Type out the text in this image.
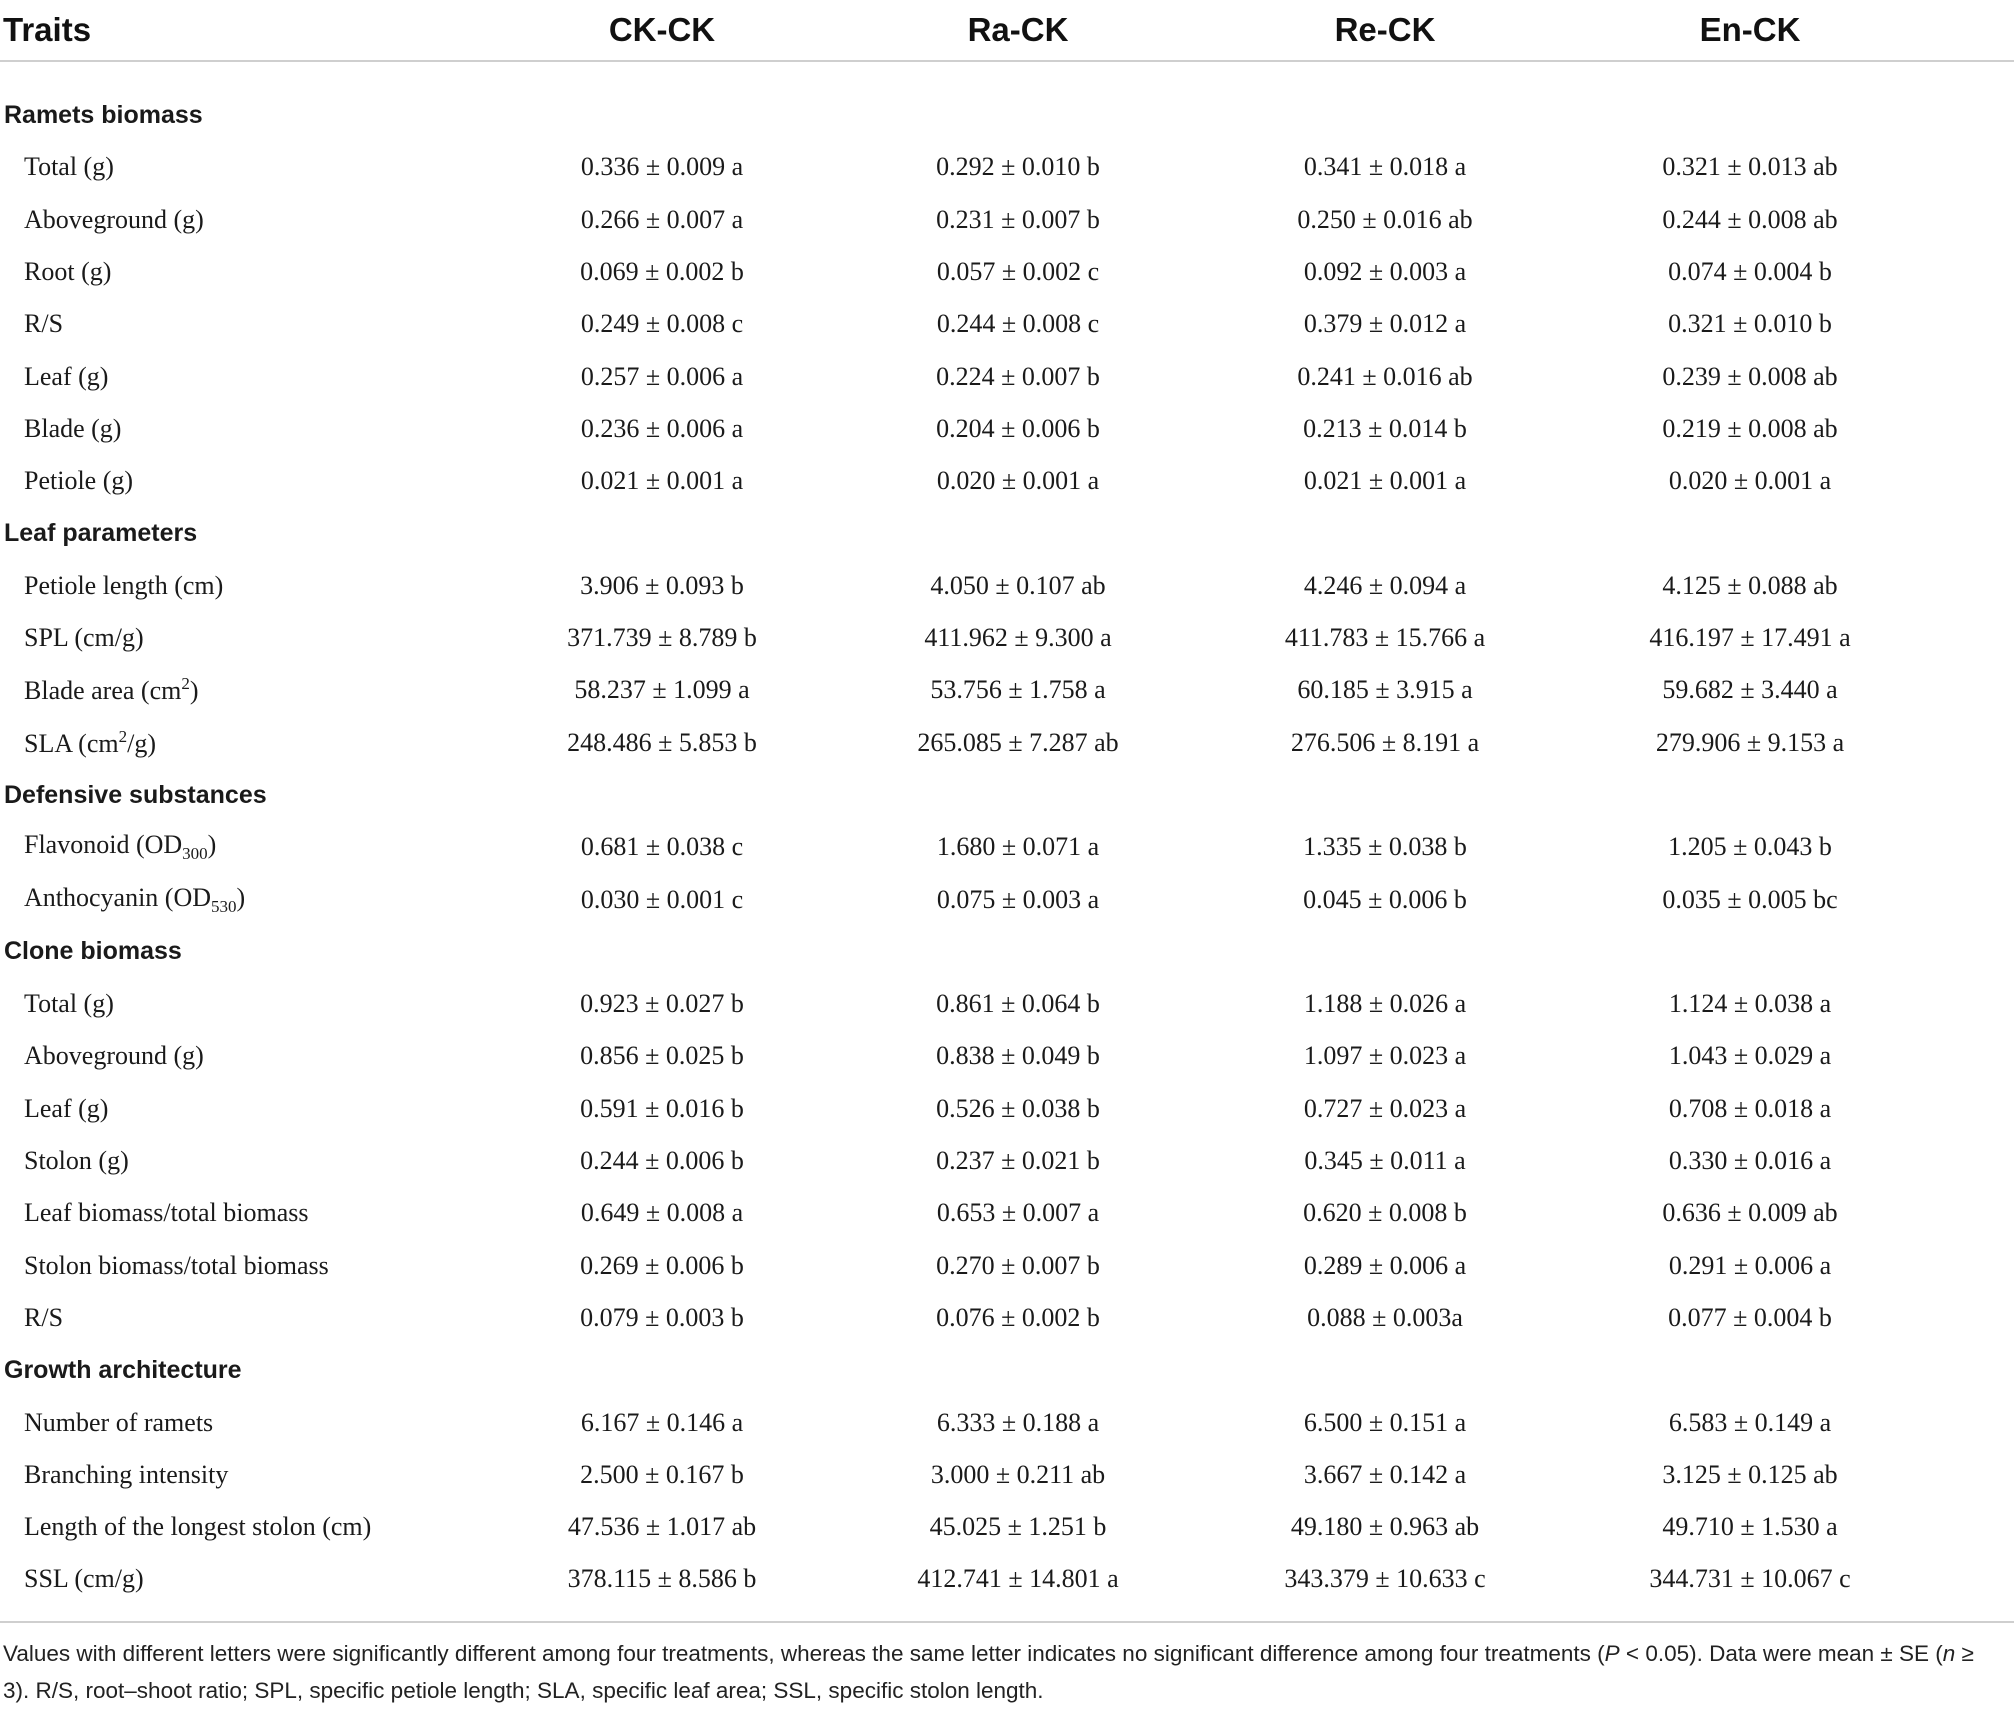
Traits	CK-CK	Ra-CK	Re-CK	En-CK
Ramets biomass
Total (g)	0.336 ± 0.009 a	0.292 ± 0.010 b	0.341 ± 0.018 a	0.321 ± 0.013 ab
Aboveground (g)	0.266 ± 0.007 a	0.231 ± 0.007 b	0.250 ± 0.016 ab	0.244 ± 0.008 ab
Root (g)	0.069 ± 0.002 b	0.057 ± 0.002 c	0.092 ± 0.003 a	0.074 ± 0.004 b
R/S	0.249 ± 0.008 c	0.244 ± 0.008 c	0.379 ± 0.012 a	0.321 ± 0.010 b
Leaf (g)	0.257 ± 0.006 a	0.224 ± 0.007 b	0.241 ± 0.016 ab	0.239 ± 0.008 ab
Blade (g)	0.236 ± 0.006 a	0.204 ± 0.006 b	0.213 ± 0.014 b	0.219 ± 0.008 ab
Petiole (g)	0.021 ± 0.001 a	0.020 ± 0.001 a	0.021 ± 0.001 a	0.020 ± 0.001 a
Leaf parameters
Petiole length (cm)	3.906 ± 0.093 b	4.050 ± 0.107 ab	4.246 ± 0.094 a	4.125 ± 0.088 ab
SPL (cm/g)	371.739 ± 8.789 b	411.962 ± 9.300 a	411.783 ± 15.766 a	416.197 ± 17.491 a
Blade area $(cm^2)$	58.237 ± 1.099 a	53.756 ± 1.758 a	60.185 ± 3.915 a	59.682 ± 3.440 a
SLA $(cm^2/g)$	248.486 ± 5.853 b	265.085 ± 7.287 ab	276.506 ± 8.191 a	279.906 ± 9.153 a
Defensive substances
Flavonoid $(OD_{300})$	0.681 ± 0.038 c	1.680 ± 0.071 a	1.335 ± 0.038 b	1.205 ± 0.043 b
Anthocyanin $(OD_{530})$	0.030 ± 0.001 c	0.075 ± 0.003 a	0.045 ± 0.006 b	0.035 ± 0.005 bc
Clone biomass
Total (g)	0.923 ± 0.027 b	0.861 ± 0.064 b	1.188 ± 0.026 a	1.124 ± 0.038 a
Aboveground (g)	0.856 ± 0.025 b	0.838 ± 0.049 b	1.097 ± 0.023 a	1.043 ± 0.029 a
Leaf (g)	0.591 ± 0.016 b	0.526 ± 0.038 b	0.727 ± 0.023 a	0.708 ± 0.018 a
Stolon (g)	0.244 ± 0.006 b	0.237 ± 0.021 b	0.345 ± 0.011 a	0.330 ± 0.016 a
Leaf biomass/total biomass	0.649 ± 0.008 a	0.653 ± 0.007 a	0.620 ± 0.008 b	0.636 ± 0.009 ab
Stolon biomass/total biomass	0.269 ± 0.006 b	0.270 ± 0.007 b	0.289 ± 0.006 a	0.291 ± 0.006 a
R/S	0.079 ± 0.003 b	0.076 ± 0.002 b	0.088 ± 0.003a	0.077 ± 0.004 b
Growth architecture
Number of ramets	6.167 ± 0.146 a	6.333 ± 0.188 a	6.500 ± 0.151 a	6.583 ± 0.149 a
Branching intensity	2.500 ± 0.167 b	3.000 ± 0.211 ab	3.667 ± 0.142 a	3.125 ± 0.125 ab
Length of the longest stolon (cm)	47.536 ± 1.017 ab	45.025 ± 1.251 b	49.180 ± 0.963 ab	49.710 ± 1.530 a
SSL (cm/g)	378.115 ± 8.586 b	412.741 ± 14.801 a	343.379 ± 10.633 c	344.731 ± 10.067 c
Values with different letters were significantly different among four treatments, whereas the same letter indicates no significant difference among four treatments (P < 0.05). Data were mean ± SE (n ≥ 3). R/S, root–shoot ratio; SPL, specific petiole length; SLA, specific leaf area; SSL, specific stolon length.
